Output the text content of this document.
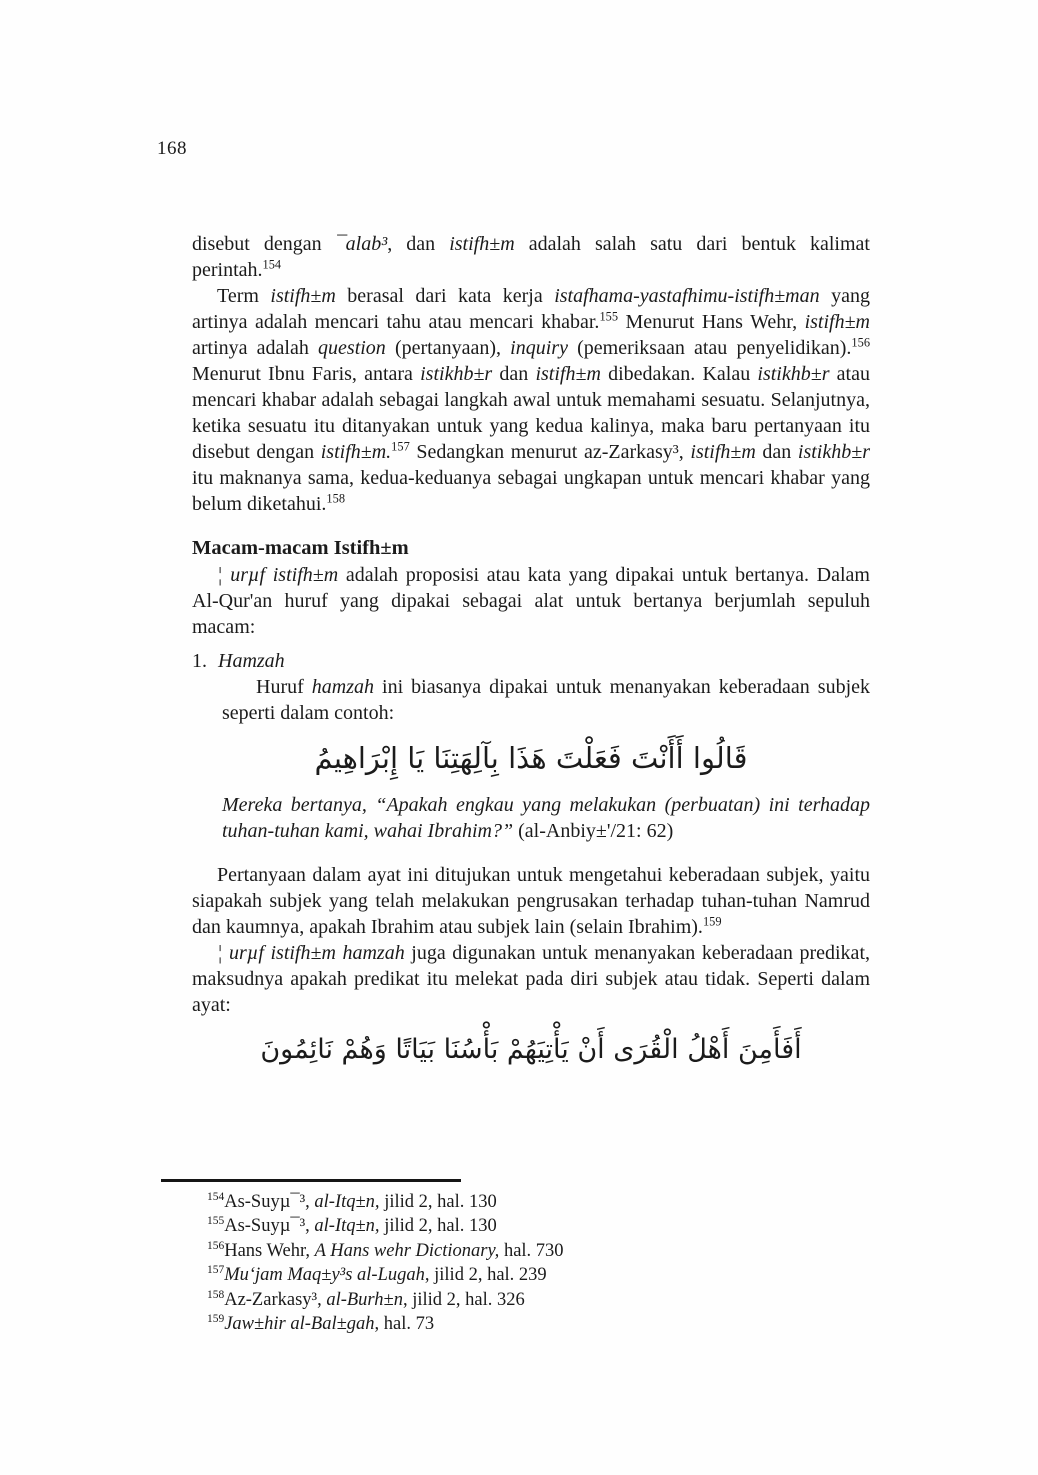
168

disebut dengan ¯alab³, dan istifh±m adalah salah satu dari bentuk kalimat perintah.$^{154}$

Term istifh±m berasal dari kata kerja istafhama-yastafhimu-istifh±man yang artinya adalah mencari tahu atau mencari khabar.$^{155}$ Menurut Hans Wehr, istifh±m artinya adalah question (pertanyaan), inquiry (pemeriksaan atau penyelidikan).$^{156}$ Menurut Ibnu Faris, antara istikhb±r dan istifh±m dibedakan. Kalau istikhb±r atau mencari khabar adalah sebagai langkah awal untuk memahami sesuatu. Selanjutnya, ketika sesuatu itu ditanyakan untuk yang kedua kalinya, maka baru pertanyaan itu disebut dengan istifh±m.$^{157}$ Sedangkan menurut az-Zarkasy³, istifh±m dan istikhb±r itu maknanya sama, kedua-keduanya sebagai ungkapan untuk mencari khabar yang belum diketahui.$^{158}$

Macam-macam Istifh±m

¦ urµf istifh±m adalah proposisi atau kata yang dipakai untuk bertanya. Dalam Al-Qur'an huruf yang dipakai sebagai alat untuk bertanya berjumlah sepuluh macam:

1. Hamzah

Huruf hamzah ini biasanya dipakai untuk menanyakan keberadaan subjek seperti dalam contoh:

قَالُوا أَأَنْتَ فَعَلْتَ هَذَا بِآلِهَتِنَا يَا إِبْرَاهِيمُ

Mereka bertanya, “Apakah engkau yang melakukan (perbuatan) ini terhadap tuhan-tuhan kami, wahai Ibrahim?” (al-Anbiy±'/21: 62)

Pertanyaan dalam ayat ini ditujukan untuk mengetahui keberadaan subjek, yaitu siapakah subjek yang telah melakukan pengrusakan terhadap tuhan-tuhan Namrud dan kaumnya, apakah Ibrahim atau subjek lain (selain Ibrahim).$^{159}$

¦ urµf istifh±m hamzah juga digunakan untuk menanyakan keberadaan predikat, maksudnya apakah predikat itu melekat pada diri subjek atau tidak. Seperti dalam ayat:

أَفَأَمِنَ أَهْلُ الْقُرَى أَنْ يَأْتِيَهُمْ بَأْسُنَا بَيَاتًا وَهُمْ نَائِمُونَ

$^{154}$As-Suyµ¯³, al-Itq±n, jilid 2, hal. 130

$^{155}$As-Suyµ¯³, al-Itq±n, jilid 2, hal. 130

$^{156}$Hans Wehr, A Hans wehr Dictionary, hal. 730

$^{157}$Mu‘jam Maq±y³s al-Lugah, jilid 2, hal. 239

$^{158}$Az-Zarkasy³, al-Burh±n, jilid 2, hal. 326

$^{159}$Jaw±hir al-Bal±gah, hal. 73
